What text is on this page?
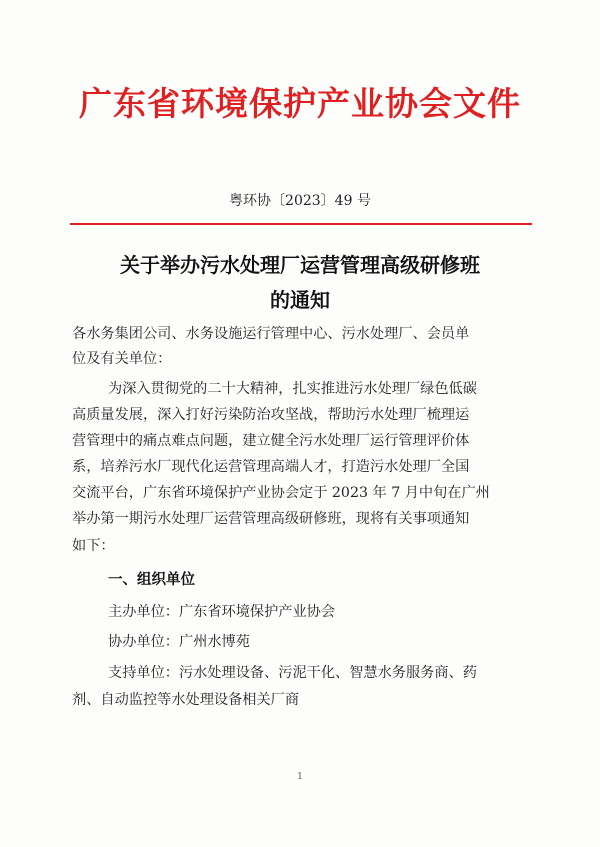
广东省环境保护产业协会文件
粤环协〔2023〕49 号
关于举办污水处理厂运营管理高级研修班
的通知
各水务集团公司、水务设施运行管理中心、污水处理厂、会员单
位及有关单位：
为深入贯彻党的二十大精神，扎实推进污水处理厂绿色低碳
高质量发展，深入打好污染防治攻坚战，帮助污水处理厂梳理运
营管理中的痛点难点问题，建立健全污水处理厂运行管理评价体
系，培养污水厂现代化运营管理高端人才，打造污水处理厂全国
交流平台，广东省环境保护产业协会定于 2023 年 7 月中旬在广州
举办第一期污水处理厂运营管理高级研修班，现将有关事项通知
如下：
一、组织单位
主办单位：广东省环境保护产业协会
协办单位：广州水博苑
支持单位：污水处理设备、污泥干化、智慧水务服务商、药
剂、自动监控等水处理设备相关厂商
1
